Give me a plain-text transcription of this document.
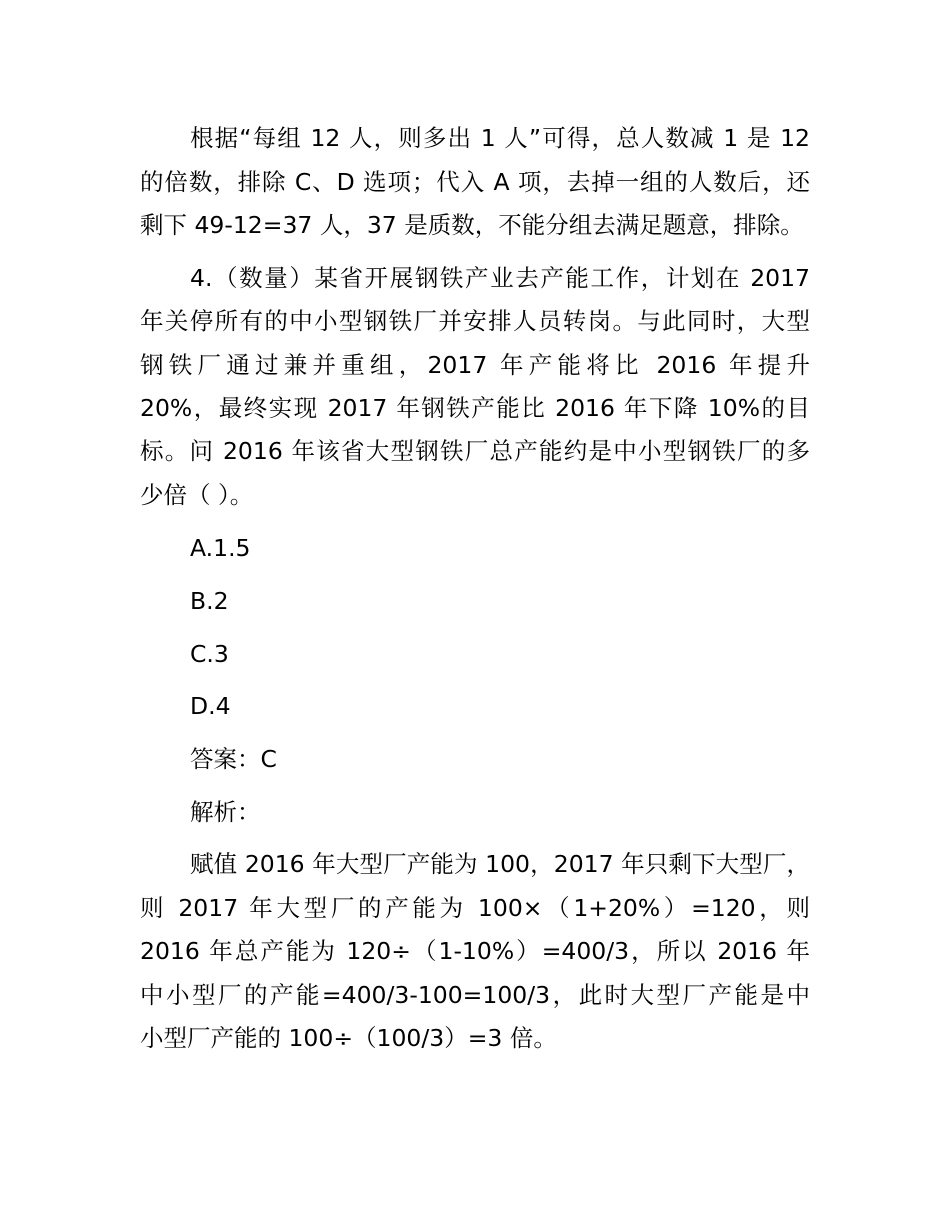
根据“每组 12 人，则多出 1 人”可得，总人数减 1 是 12

的倍数，排除 C、D 选项；代入 A 项，去掉一组的人数后，还

剩下 49-12=37 人，37 是质数，不能分组去满足题意，排除。

4.（数量）某省开展钢铁产业去产能工作，计划在 2017

年关停所有的中小型钢铁厂并安排人员转岗。与此同时，大型

钢铁厂通过兼并重组，2017 年产能将比 2016 年提升

20%，最终实现 2017 年钢铁产能比 2016 年下降 10%的目

标。问 2016 年该省大型钢铁厂总产能约是中小型钢铁厂的多

少倍（ ）。

A.1.5

B.2

C.3

D.4

答案：C

解析：

赋值 2016 年大型厂产能为 100，2017 年只剩下大型厂，

则 2017 年大型厂的产能为 100×（1+20%）=120，则

2016 年总产能为 120÷（1-10%）=400/3，所以 2016 年

中小型厂的产能=400/3-100=100/3，此时大型厂产能是中

小型厂产能的 100÷（100/3）=3 倍。
